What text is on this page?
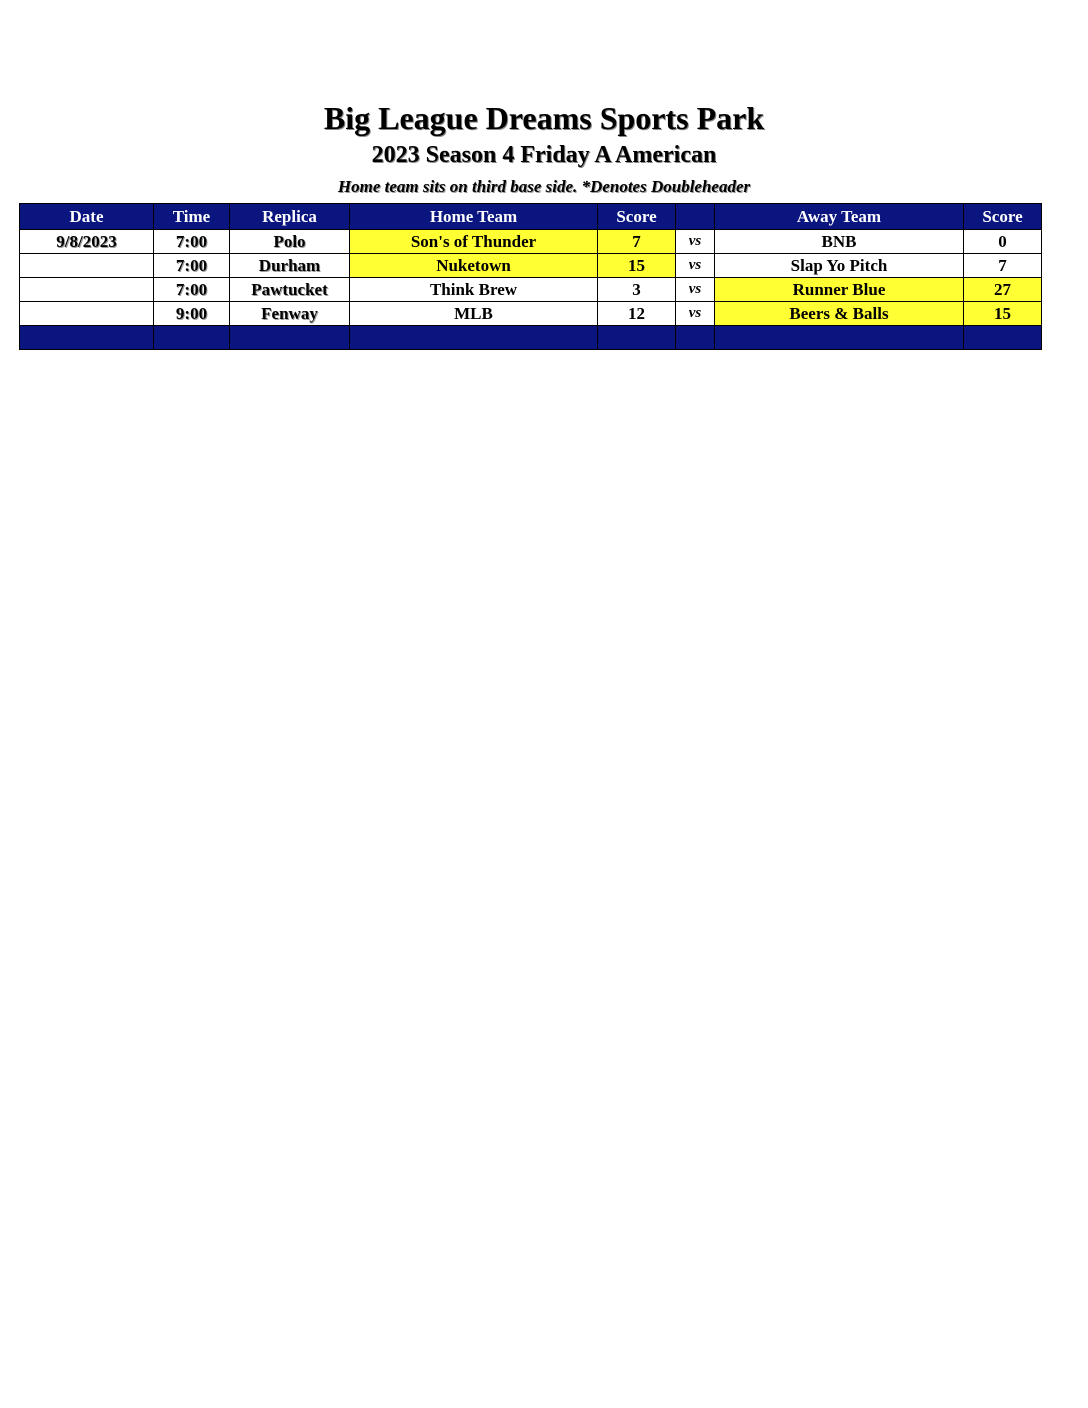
Big League Dreams Sports Park
2023 Season 4 Friday A American
Home team sits on third base side. *Denotes Doubleheader
Date	Time	Replica	Home Team	Score		Away Team	Score
9/8/2023	7:00	Polo	Son's of Thunder	7	vs	BNB	0
	7:00	Durham	Nuketown	15	vs	Slap Yo Pitch	7
	7:00	Pawtucket	Think Brew	3	vs	Runner Blue	27
	9:00	Fenway	MLB	12	vs	Beers & Balls	15
